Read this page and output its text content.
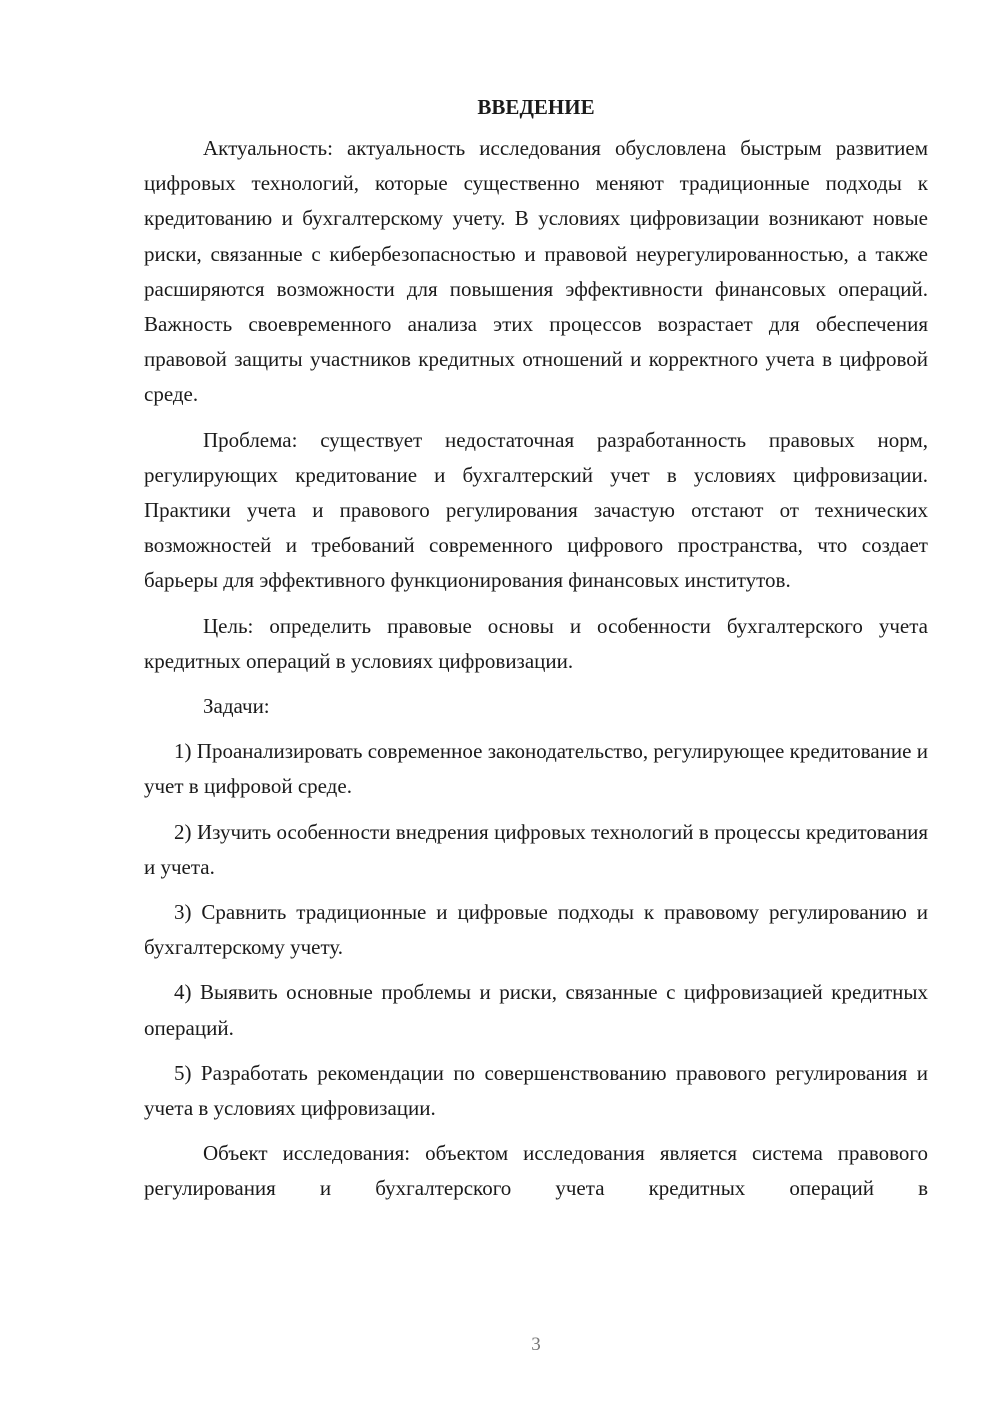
ВВЕДЕНИЕ

Актуальность: актуальность исследования обусловлена быстрым развитием цифровых технологий, которые существенно меняют традиционные подходы к кредитованию и бухгалтерскому учету. В условиях цифровизации возникают новые риски, связанные с кибербезопасностью и правовой неурегулированностью, а также расширяются возможности для повышения эффективности финансовых операций. Важность своевременного анализа этих процессов возрастает для обеспечения правовой защиты участников кредитных отношений и корректного учета в цифровой среде.

Проблема: существует недостаточная разработанность правовых норм, регулирующих кредитование и бухгалтерский учет в условиях цифровизации. Практики учета и правового регулирования зачастую отстают от технических возможностей и требований современного цифрового пространства, что создает барьеры для эффективного функционирования финансовых институтов.

Цель: определить правовые основы и особенности бухгалтерского учета кредитных операций в условиях цифровизации.

Задачи:

1) Проанализировать современное законодательство, регулирующее кредитование и учет в цифровой среде.

2) Изучить особенности внедрения цифровых технологий в процессы кредитования и учета.

3) Сравнить традиционные и цифровые подходы к правовому регулированию и бухгалтерскому учету.

4) Выявить основные проблемы и риски, связанные с цифровизацией кредитных операций.

5) Разработать рекомендации по совершенствованию правового регулирования и учета в условиях цифровизации.

Объект исследования: объектом исследования является система правового регулирования и бухгалтерского учета кредитных операций в

3
